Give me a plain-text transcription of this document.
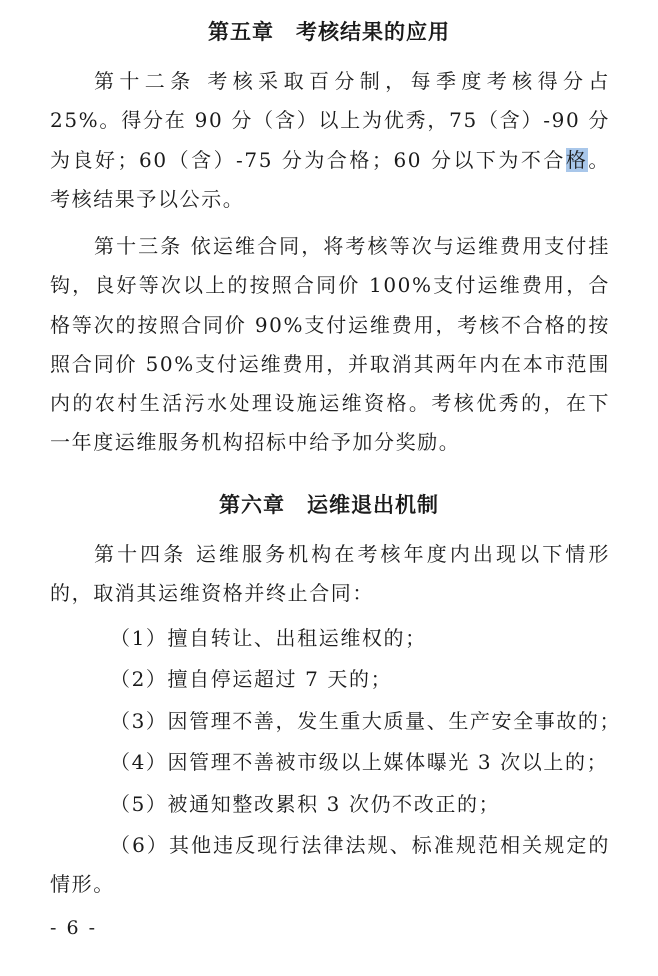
第五章 考核结果的应用
第十二条 考核采取百分制，每季度考核得分占 25%。得分在 90 分（含）以上为优秀，75（含）-90 分为良好；60（含）-75 分为合格；60 分以下为不合格。考核结果予以公示。
第十三条 依运维合同，将考核等次与运维费用支付挂钩，良好等次以上的按照合同价 100%支付运维费用，合格等次的按照合同价 90%支付运维费用，考核不合格的按照合同价 50%支付运维费用，并取消其两年内在本市范围内的农村生活污水处理设施运维资格。考核优秀的，在下一年度运维服务机构招标中给予加分奖励。
第六章 运维退出机制
第十四条 运维服务机构在考核年度内出现以下情形的，取消其运维资格并终止合同：
（1）擅自转让、出租运维权的；
（2）擅自停运超过 7 天的；
（3）因管理不善，发生重大质量、生产安全事故的；
（4）因管理不善被市级以上媒体曝光 3 次以上的；
（5）被通知整改累积 3 次仍不改正的；
（6）其他违反现行法律法规、标准规范相关规定的情形。
- 6 -
